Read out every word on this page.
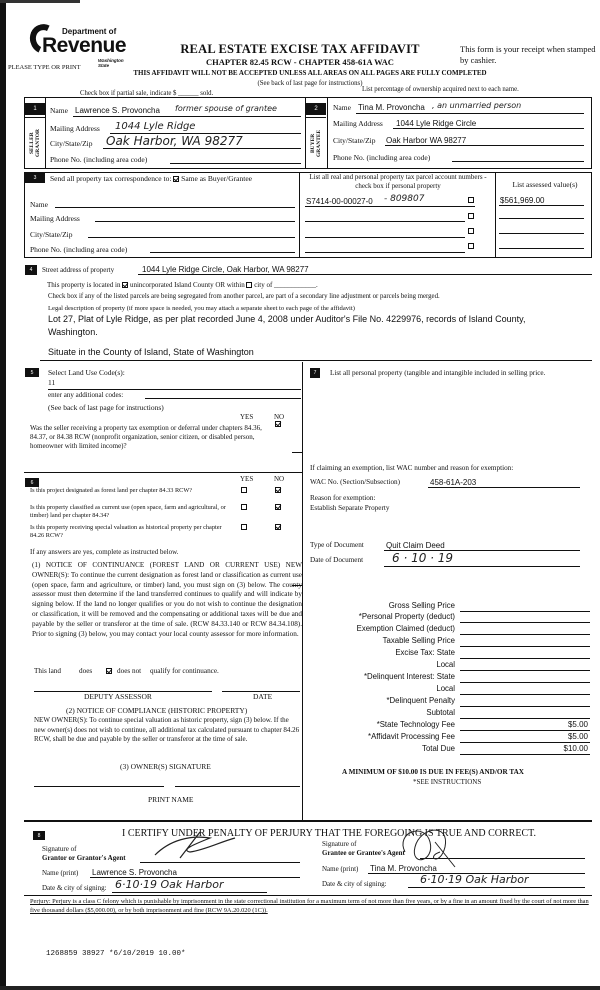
Department of
Revenue
Washington State
PLEASE TYPE OR PRINT
REAL ESTATE EXCISE TAX AFFIDAVIT
CHAPTER 82.45 RCW - CHAPTER 458-61A WAC
This form is your receipt when stamped by cashier.
THIS AFFIDAVIT WILL NOT BE ACCEPTED UNLESS ALL AREAS ON ALL PAGES ARE FULLY COMPLETED
(See back of last page for instructions)
Check box if partial sale, indicate $ ______ sold.
List percentage of ownership acquired next to each name.
1
SELLER GRANTOR
Name Lawrence S. Provoncha former spouse of grantee
Mailing Address 1044 Lyle Ridge
City/State/Zip Oak Harbor, WA 98277
Phone No. (including area code)
2
BUYER GRANTEE
Name Tina M. Provoncha , an unmarried person
Mailing Address 1044 Lyle Ridge Circle
City/State/Zip Oak Harbor WA 98277
Phone No. (including area code)
3	Send all property tax correspondence to: Same as Buyer/Grantee
Name
Mailing Address
City/State/Zip
Phone No. (including area code)
List all real and personal property tax parcel account numbers - check box if personal property	List assessed value(s)
S7414-00-00027-0 - 809807	$561,969.00
4	Street address of property	1044 Lyle Ridge Circle, Oak Harbor, WA 98277
This property is located in unincorporated Island County OR within city of ____________.
Check box if any of the listed parcels are being segregated from another parcel, are part of a secondary line adjustment or parcels being merged.
Legal description of property (if more space is needed, you may attach a separate sheet to each page of the affidavit)
Lot 27, Plat of Lyle Ridge, as per plat recorded June 4, 2008 under Auditor's File No. 4229976, records of Island County,
Washington.
Situate in the County of Island, State of Washington
5	Select Land Use Code(s):
11
enter any additional codes:
(See back of last page for instructions)
YES	NO
Was the seller receiving a property tax exemption or deferral under chapters 84.36, 84.37, or 84.38 RCW (nonprofit organization, senior citizen, or disabled person, homeowner with limited income)?
6	YES	NO
Is this project designated as forest land per chapter 84.33 RCW?
Is this property classified as current use (open space, farm and agricultural, or timber) land per chapter 84.34?
Is this property receiving special valuation as historical property per chapter 84.26 RCW?
If any answers are yes, complete as instructed below.
(1) NOTICE OF CONTINUANCE (FOREST LAND OR CURRENT USE) NEW OWNER(S): To continue the current designation as forest land or classification as current use (open space, farm and agriculture, or timber) land, you must sign on (3) below. The county assessor must then determine if the land transferred continues to qualify and will indicate by signing below. If the land no longer qualifies or you do not wish to continue the designation or classification, it will be removed and the compensating or additional taxes will be due and payable by the seller or transferor at the time of sale. (RCW 84.33.140 or RCW 84.34.108). Prior to signing (3) below, you may contact your local county assessor for more information.
This land	does	does not qualify for continuance.
DEPUTY ASSESSOR	DATE
(2) NOTICE OF COMPLIANCE (HISTORIC PROPERTY)
NEW OWNER(S): To continue special valuation as historic property, sign (3) below. If the new owner(s) does not wish to continue, all additional tax calculated pursuant to chapter 84.26 RCW, shall be due and payable by the seller or transferor at the time of sale.
(3) OWNER(S) SIGNATURE
PRINT NAME
7	List all personal property (tangible and intangible included in selling price.
If claiming an exemption, list WAC number and reason for exemption:
WAC No. (Section/Subsection)	458-61A-203
Reason for exemption:
Establish Separate Property
Type of Document	Quit Claim Deed
Date of Document 6 · 10 · 19
Gross Selling Price
*Personal Property (deduct)
Exemption Claimed (deduct)
Taxable Selling Price
Excise Tax: State
Local
*Delinquent Interest: State
Local
*Delinquent Penalty
Subtotal
*State Technology Fee	$5.00
*Affidavit Processing Fee	$5.00
Total Due	$10.00
A MINIMUM OF $10.00 IS DUE IN FEE(S) AND/OR TAX
*SEE INSTRUCTIONS
8	I CERTIFY UNDER PENALTY OF PERJURY THAT THE FOREGOING IS TRUE AND CORRECT.
Signature of
Grantor or Grantor's Agent
Name (print) Lawrence S. Provoncha
Date & city of signing: 6·10·19 Oak Harbor
Signature of
Grantee or Grantee's Agent
Name (print) Tina M. Provoncha
Date & city of signing:	6·10·19 Oak Harbor
Perjury: Perjury is a class C felony which is punishable by imprisonment in the state correctional institution for a maximum term of not more than five years, or by a fine in an amount fixed by the court of not more than five thousand dollars ($5,000.00), or by both imprisonment and fine (RCW 9A.20.020 (1C)).
1268859 38927 *6/10/2019 10.00*
